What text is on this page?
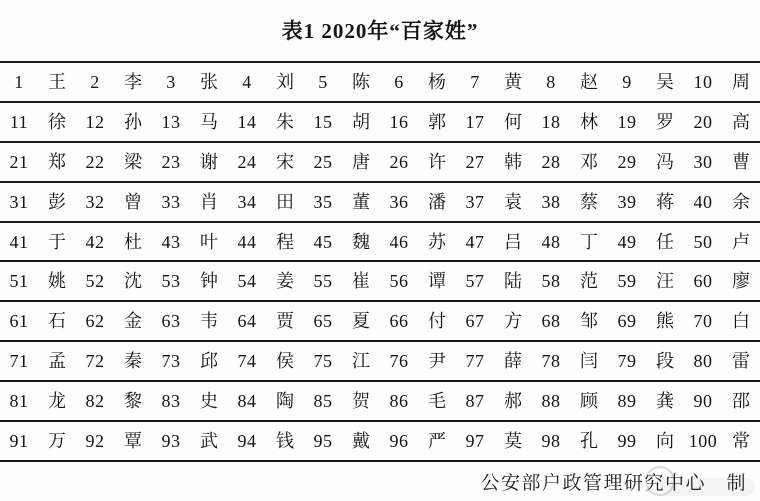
表1 2020年“百家姓”
1	王	2	李	3	张	4	刘	5	陈	6	杨	7	黄	8	赵	9	吴	10	周
11	徐	12	孙	13	马	14	朱	15	胡	16	郭	17	何	18	林	19	罗	20	高
21	郑	22	梁	23	谢	24	宋	25	唐	26	许	27	韩	28	邓	29	冯	30	曹
31	彭	32	曾	33	肖	34	田	35	董	36	潘	37	袁	38	蔡	39	蒋	40	余
41	于	42	杜	43	叶	44	程	45	魏	46	苏	47	吕	48	丁	49	任	50	卢
51	姚	52	沈	53	钟	54	姜	55	崔	56	谭	57	陆	58	范	59	汪	60	廖
61	石	62	金	63	韦	64	贾	65	夏	66	付	67	方	68	邹	69	熊	70	白
71	孟	72	秦	73	邱	74	侯	75	江	76	尹	77	薛	78	闫	79	段	80	雷
81	龙	82	黎	83	史	84	陶	85	贺	86	毛	87	郝	88	顾	89	龚	90	邵
91	万	92	覃	93	武	94	钱	95	戴	96	严	97	莫	98	孔	99	向 100 常
公安部户政管理研究中心　制
